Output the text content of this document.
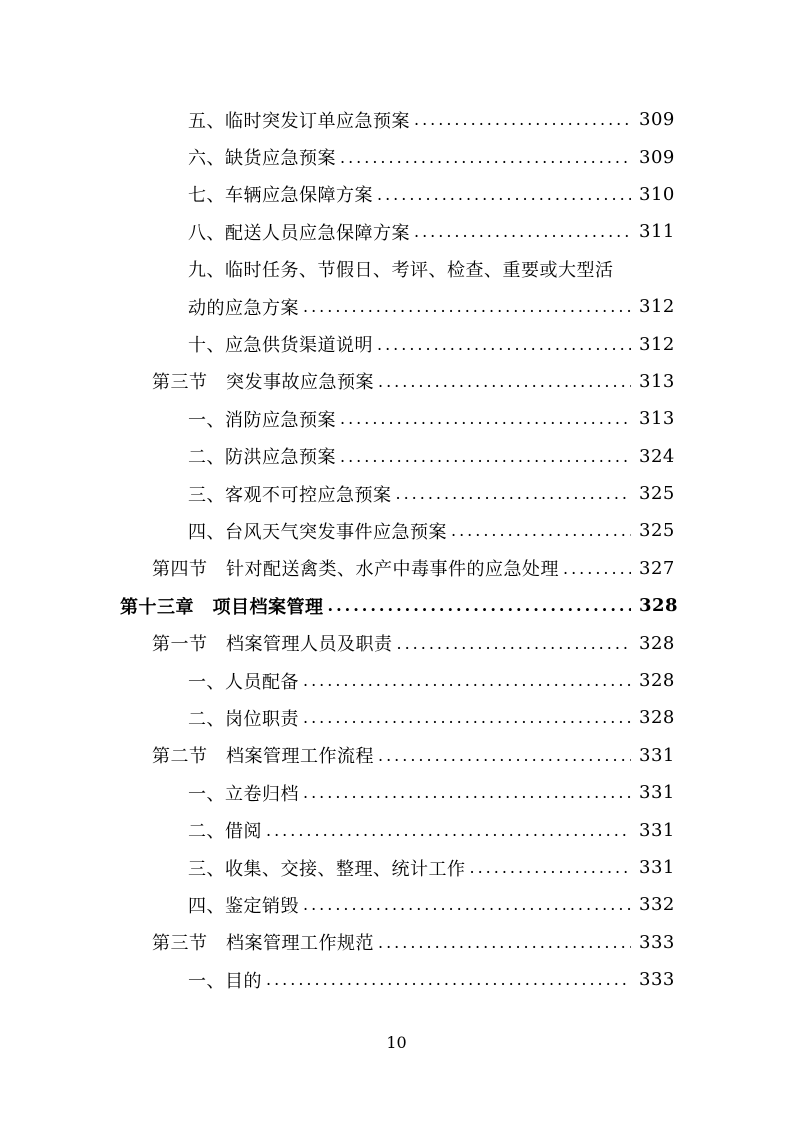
五、临时突发订单应急预案 .....	309
六、缺货应急预案 .....	309
七、车辆应急保障方案 .....	310
八、配送人员应急保障方案 .....	311
九、临时任务、节假日、考评、检查、重要或大型活
动的应急方案 .....	312
十、应急供货渠道说明 .....	312
第三节　突发事故应急预案 .....	313
一、消防应急预案 .....	313
二、防洪应急预案 .....	324
三、客观不可控应急预案 .....	325
四、台风天气突发事件应急预案 .....	325
第四节　针对配送禽类、水产中毒事件的应急处理 .....	327
第十三章　项目档案管理 .....	328
第一节　档案管理人员及职责 .....	328
一、人员配备 .....	328
二、岗位职责 .....	328
第二节　档案管理工作流程 .....	331
一、立卷归档 .....	331
二、借阅 .....	331
三、收集、交接、整理、统计工作 .....	331
四、鉴定销毁 .....	332
第三节　档案管理工作规范 .....	333
一、目的 .....	333
10
